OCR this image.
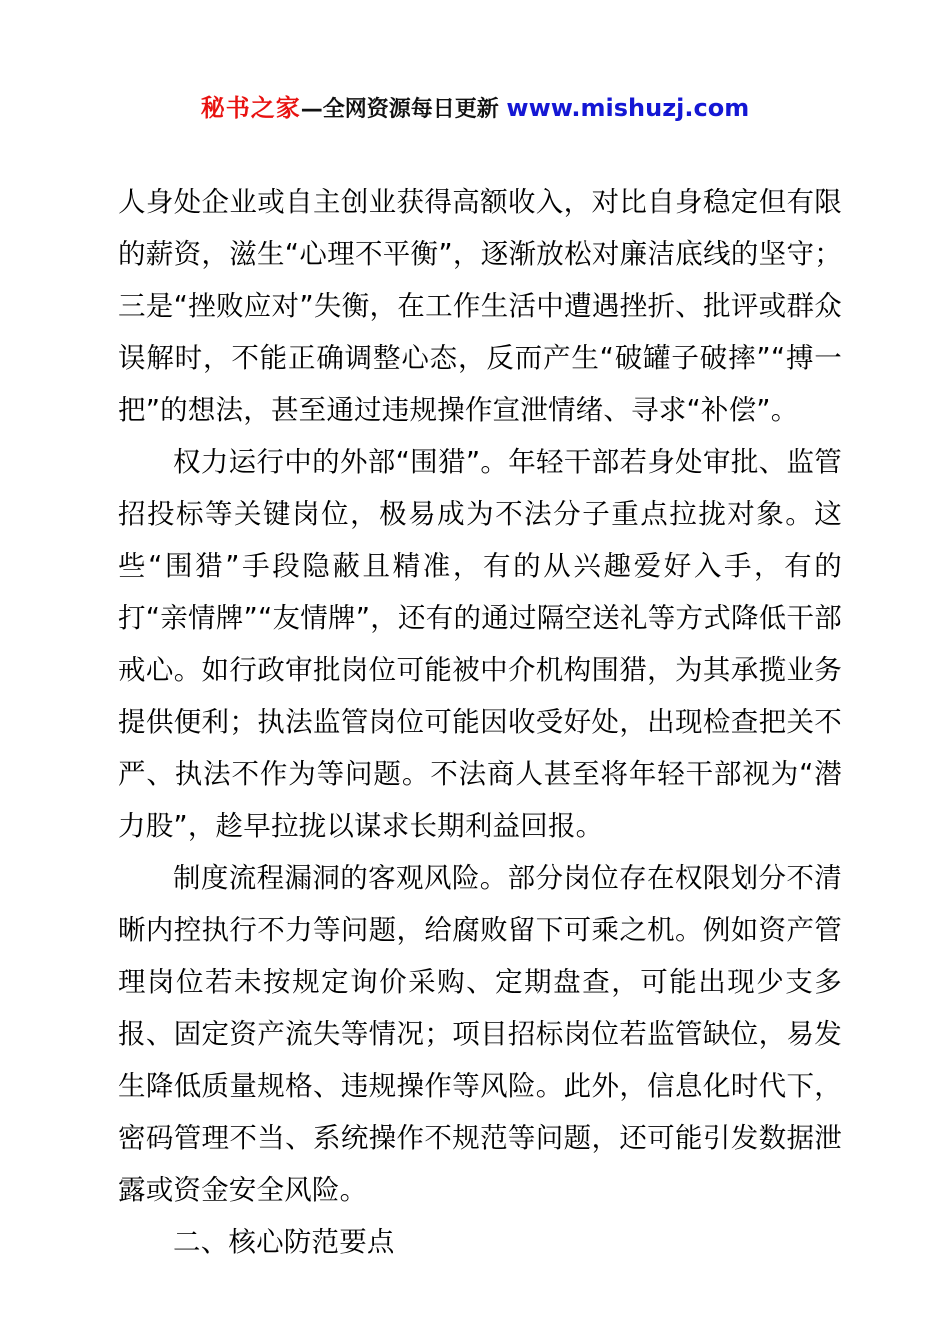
秘书之家—全网资源每日更新 www.mishuzj.com

人身处企业或自主创业获得高额收入，对比自身稳定但有限的薪资，滋生“心理不平衡”，逐渐放松对廉洁底线的坚守；三是“挫败应对”失衡，在工作生活中遭遇挫折、批评或群众误解时，不能正确调整心态，反而产生“破罐子破摔”“搏一把”的想法，甚至通过违规操作宣泄情绪、寻求“补偿”。

权力运行中的外部“围猎”。年轻干部若身处审批、监管招投标等关键岗位，极易成为不法分子重点拉拢对象。这些“围猎”手段隐蔽且精准，有的从兴趣爱好入手，有的打“亲情牌”“友情牌”，还有的通过隔空送礼等方式降低干部戒心。如行政审批岗位可能被中介机构围猎，为其承揽业务提供便利；执法监管岗位可能因收受好处，出现检查把关不严、执法不作为等问题。不法商人甚至将年轻干部视为“潜力股”，趁早拉拢以谋求长期利益回报。

制度流程漏洞的客观风险。部分岗位存在权限划分不清晰内控执行不力等问题，给腐败留下可乘之机。例如资产管理岗位若未按规定询价采购、定期盘查，可能出现少支多报、固定资产流失等情况；项目招标岗位若监管缺位，易发生降低质量规格、违规操作等风险。此外，信息化时代下，密码管理不当、系统操作不规范等问题，还可能引发数据泄露或资金安全风险。

二、核心防范要点
